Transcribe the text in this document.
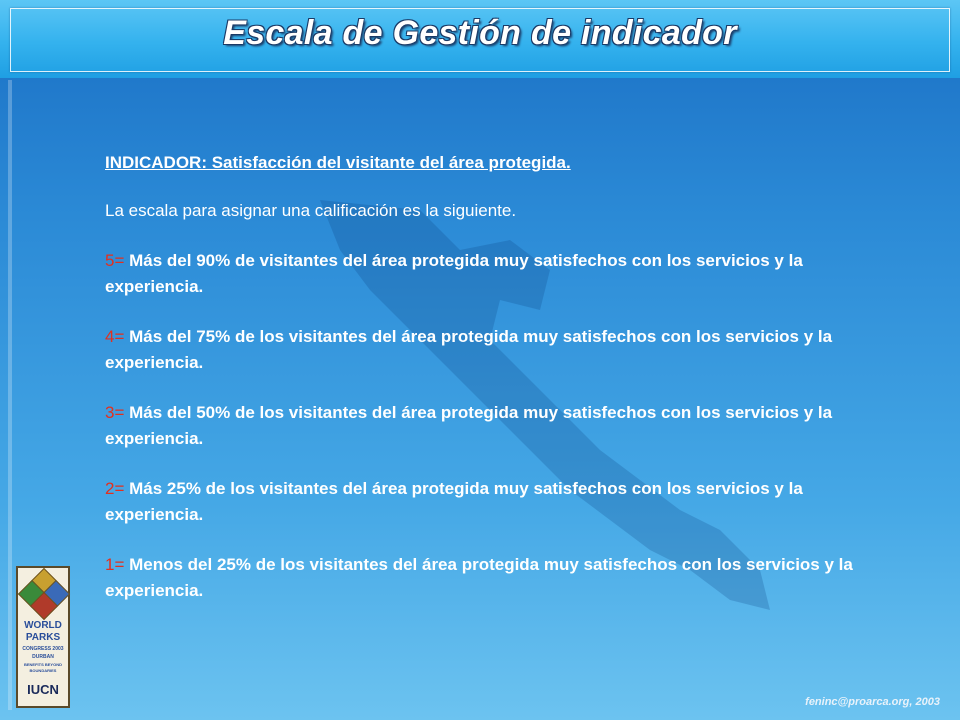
Escala de Gestión de indicador

INDICADOR: Satisfacción del visitante del área protegida.

La escala para asignar una calificación es la siguiente.

5= Más del 90% de visitantes del área protegida muy satisfechos con los servicios y la experiencia.

4= Más del 75% de los visitantes del área protegida muy satisfechos con los servicios y la experiencia.

3= Más del 50% de los visitantes del área protegida muy satisfechos con los servicios y la experiencia.

2= Más 25% de los visitantes del área protegida muy satisfechos con los servicios y la experiencia.

1= Menos del 25% de los visitantes del área protegida muy satisfechos con los servicios y la experiencia.

WORLD
PARKS
CONGRESS 2003
DURBAN
BENEFITS BEYOND
BOUNDARIES
IUCN
feninc@proarca.org, 2003
